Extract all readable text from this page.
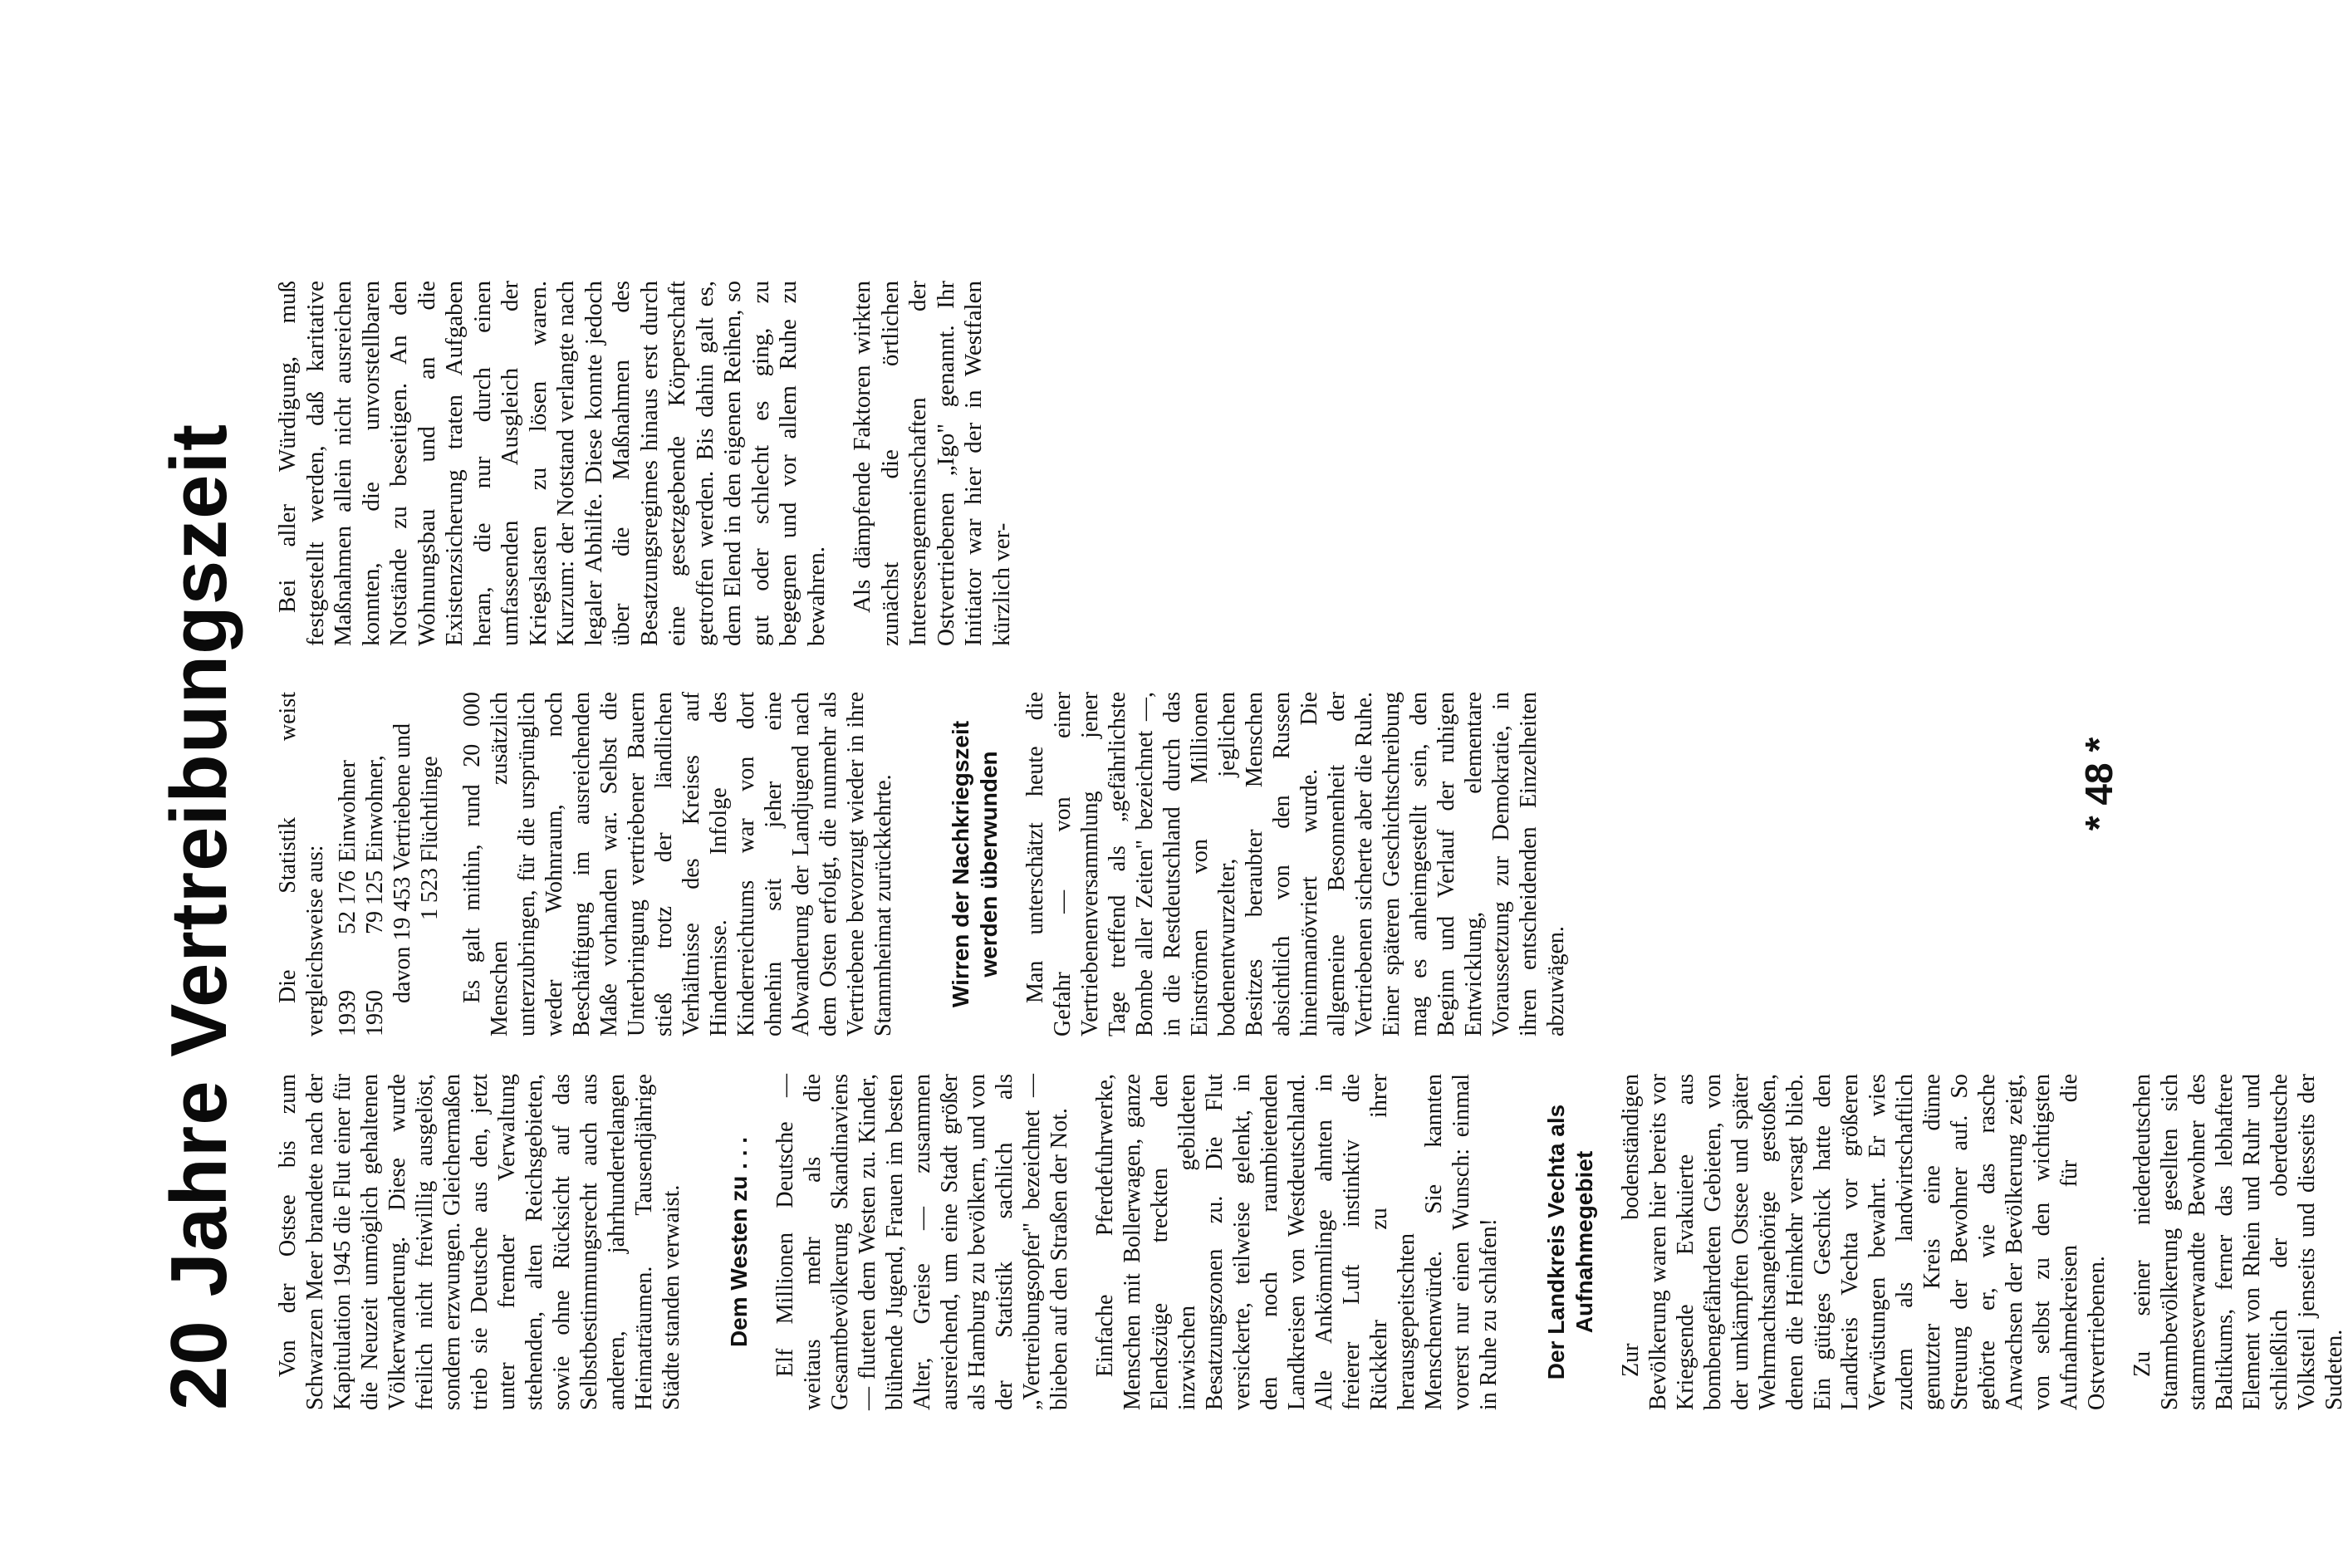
20 Jahre Vertreibungszeit Von der Ostsee bis zum Schwarzen Meer brandete nach der Kapitulation 1945 die Flut einer für die Neuzeit unmöglich gehaltenen Völkerwanderung. Diese wurde freilich nicht freiwillig ausgelöst, sondern erzwungen. Gleichermaßen trieb sie Deutsche aus den, jetzt unter fremder Verwaltung stehenden, alten Reichsgebieten, sowie ohne Rücksicht auf das Selbstbestimmungsrecht auch aus anderen, jahrhundertelangen Heimaträumen. Tausendjährige Städte standen verwaist. Dem Westen zu . . . Elf Millionen Deutsche — weitaus mehr als die Gesamtbevölkerung Skandinaviens — fluteten dem Westen zu. Kinder, blühende Jugend, Frauen im besten Alter, Greise — zusammen ausreichend, um eine Stadt größer als Hamburg zu bevölkern, und von der Statistik sachlich als „Vertreibungsopfer" bezeichnet — blieben auf den Straßen der Not. Einfache Pferdefuhrwerke, Menschen mit Bollerwagen, ganze Elendszüge treckten den inzwischen gebildeten Besatzungszonen zu. Die Flut versickerte, teilweise gelenkt, in den noch raumbietenden Landkreisen von Westdeutschland. Alle Ankömmlinge ahnten in freierer Luft instinktiv die Rückkehr zu ihrer herausgepeitschten Menschenwürde. Sie kannten vorerst nur einen Wunsch: einmal in Ruhe zu schlafen! Der Landkreis Vechta als Aufnahmegebiet Zur bodenständigen Bevölkerung waren hier bereits vor Kriegsende Evakuierte aus bombengefährdeten Gebieten, von der umkämpften Ostsee und später Wehrmachtsangehörige gestoßen, denen die Heimkehr versagt blieb. Ein gütiges Geschick hatte den Landkreis Vechta vor größeren Verwüstungen bewahrt. Er wies zudem als landwirtschaftlich genutzter Kreis eine dünne Streuung der Bewohner auf. So gehörte er, wie das rasche Anwachsen der Bevölkerung zeigt, von selbst zu den wichtigsten Aufnahmekreisen für die Ostvertriebenen. Zu seiner niederdeutschen Stammbevölkerung gesellten sich stammesverwandte Bewohner des Baltikums, ferner das lebhaftere Element von Rhein und Ruhr und schließlich der oberdeutsche Volksteil jenseits und diesseits der Sudeten.

Die Statistik weist vergleichsweise aus: 1939
52 176
Einwohner
1950
79 125
Einwohner, davon 19 453 Vertriebene und 1 523 Flüchtlinge Es galt mithin, rund 20 000 Menschen zusätzlich unterzubringen, für die ursprünglich weder Wohnraum, noch Beschäftigung im ausreichenden Maße vorhanden war. Selbst die Unterbringung vertriebener Bauern stieß trotz der ländlichen Verhältnisse des Kreises auf Hindernisse. Infolge des Kinderreichtums war von dort ohnehin seit jeher eine Abwanderung der Landjugend nach dem Osten erfolgt, die nunmehr als Vertriebene bevorzugt wieder in ihre Stammheimat zurückkehrte. Wirren der Nachkriegszeit werden überwunden Man unterschätzt heute die Gefahr — von einer Vertriebenenversammlung jener Tage treffend als „gefährlichste Bombe aller Zeiten" bezeichnet —, in die Restdeutschland durch das Einströmen von Millionen bodenentwurzelter, jeglichen Besitzes beraubter Menschen absichtlich von den Russen hineinmanövriert wurde. Die allgemeine Besonnenheit der Vertriebenen sicherte aber die Ruhe. Einer späteren Geschichtschreibung mag es anheimgestellt sein, den Beginn und Verlauf der ruhigen Entwicklung, elementare Voraussetzung zur Demokratie, in ihren entscheidenden Einzelheiten abzuwägen.

Bei aller Würdigung, muß festgestellt werden, daß karitative Maßnahmen allein nicht ausreichen konnten, die unvorstellbaren Notstände zu beseitigen. An den Wohnungsbau und an die Existenzsicherung traten Aufgaben heran, die nur durch einen umfassenden Ausgleich der Kriegslasten zu lösen waren. Kurzum: der Notstand verlangte nach legaler Abhilfe. Diese konnte jedoch über die Maßnahmen des Besatzungsregimes hinaus erst durch eine gesetzgebende Körperschaft getroffen werden. Bis dahin galt es, dem Elend in den eigenen Reihen, so gut oder schlecht es ging, zu begegnen und vor allem Ruhe zu bewahren. Als dämpfende Faktoren wirkten zunächst die örtlichen Interessengemeinschaften der Ostvertriebenen „Igo" genannt. Ihr Initiator war hier der in Westfalen kürzlich ver-

* 48 *
